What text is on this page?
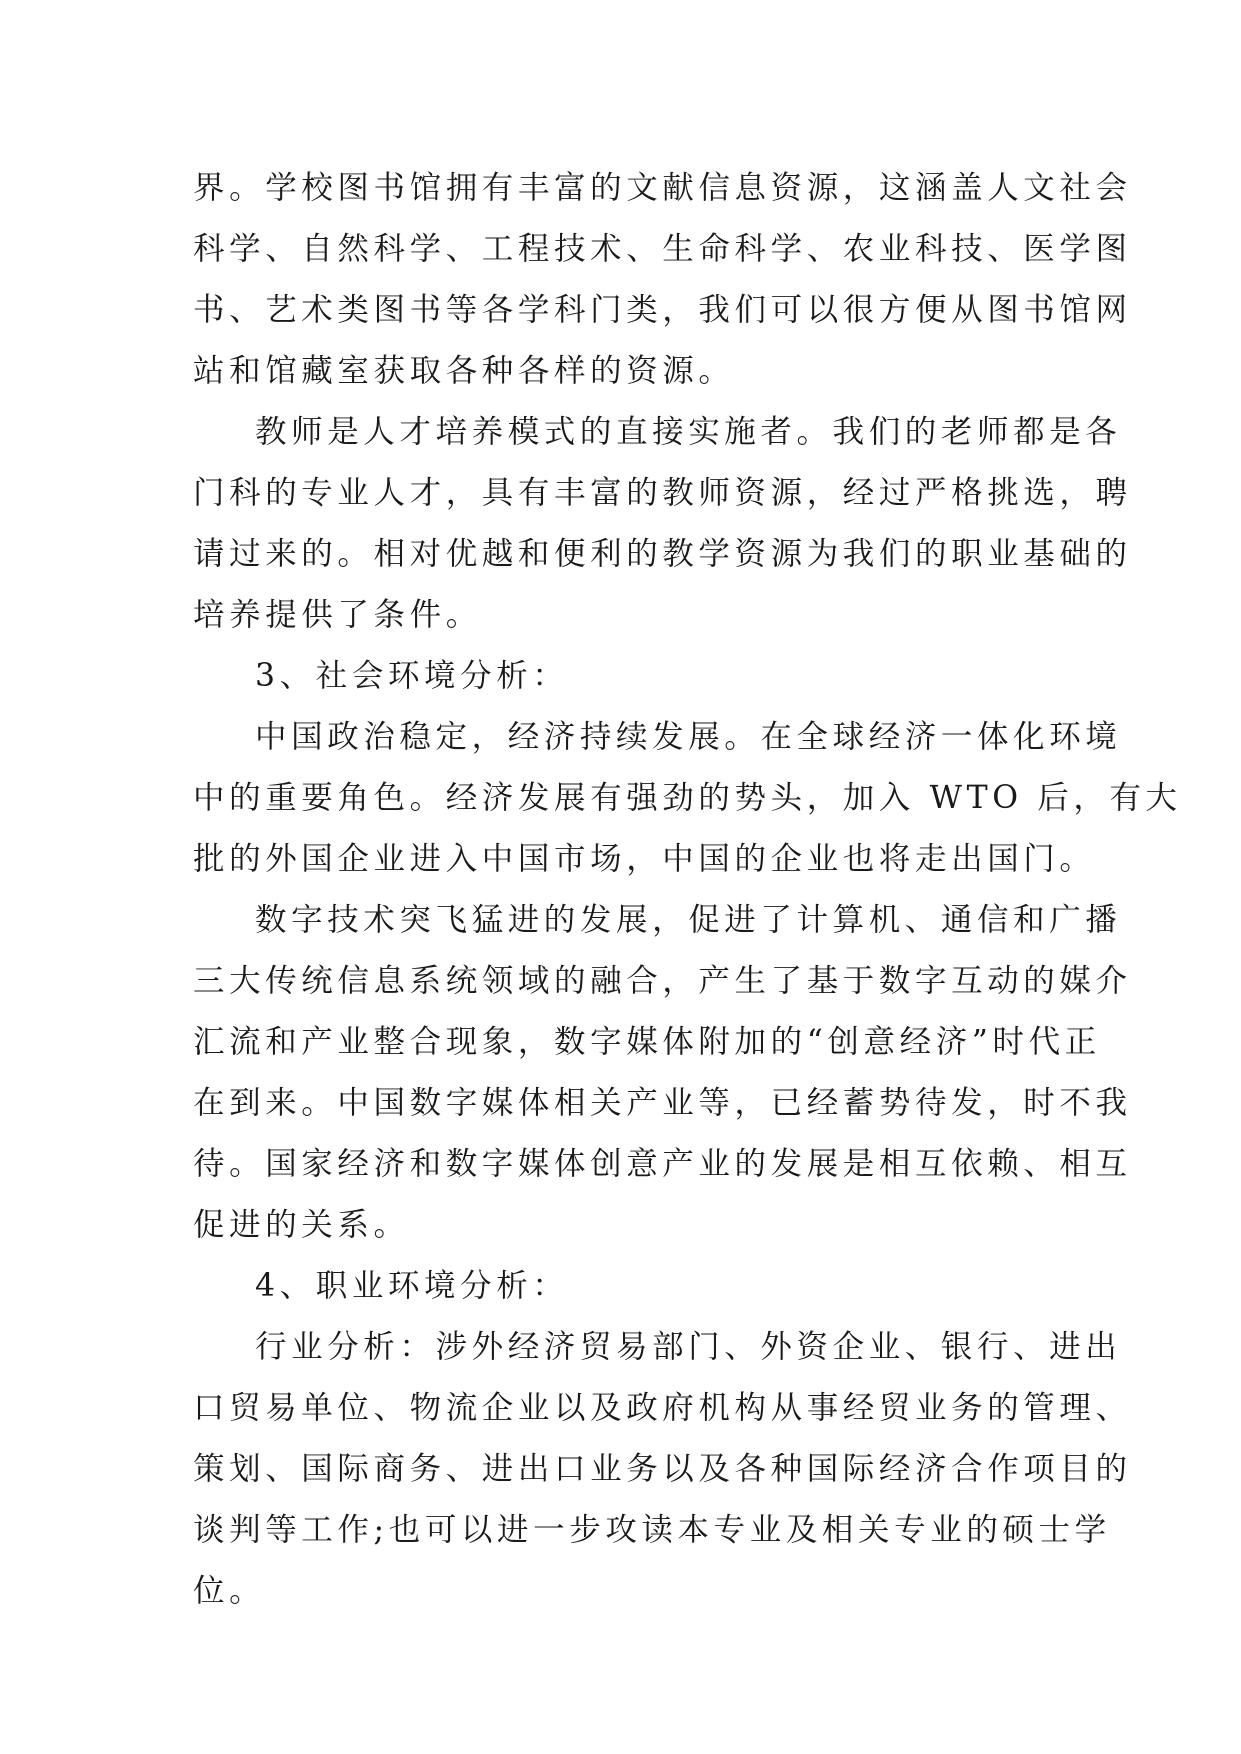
界。学校图书馆拥有丰富的文献信息资源，这涵盖人文社会
科学、自然科学、工程技术、生命科学、农业科技、医学图
书、艺术类图书等各学科门类，我们可以很方便从图书馆网
站和馆藏室获取各种各样的资源。
教师是人才培养模式的直接实施者。我们的老师都是各
门科的专业人才，具有丰富的教师资源，经过严格挑选，聘
请过来的。相对优越和便利的教学资源为我们的职业基础的
培养提供了条件。
3、社会环境分析：
中国政治稳定，经济持续发展。在全球经济一体化环境
中的重要角色。经济发展有强劲的势头，加入 WTO 后，有大
批的外国企业进入中国市场，中国的企业也将走出国门。
数字技术突飞猛进的发展，促进了计算机、通信和广播
三大传统信息系统领域的融合，产生了基于数字互动的媒介
汇流和产业整合现象，数字媒体附加的“创意经济”时代正
在到来。中国数字媒体相关产业等，已经蓄势待发，时不我
待。国家经济和数字媒体创意产业的发展是相互依赖、相互
促进的关系。
4、职业环境分析：
行业分析：涉外经济贸易部门、外资企业、银行、进出
口贸易单位、物流企业以及政府机构从事经贸业务的管理、
策划、国际商务、进出口业务以及各种国际经济合作项目的
谈判等工作;也可以进一步攻读本专业及相关专业的硕士学
位。
